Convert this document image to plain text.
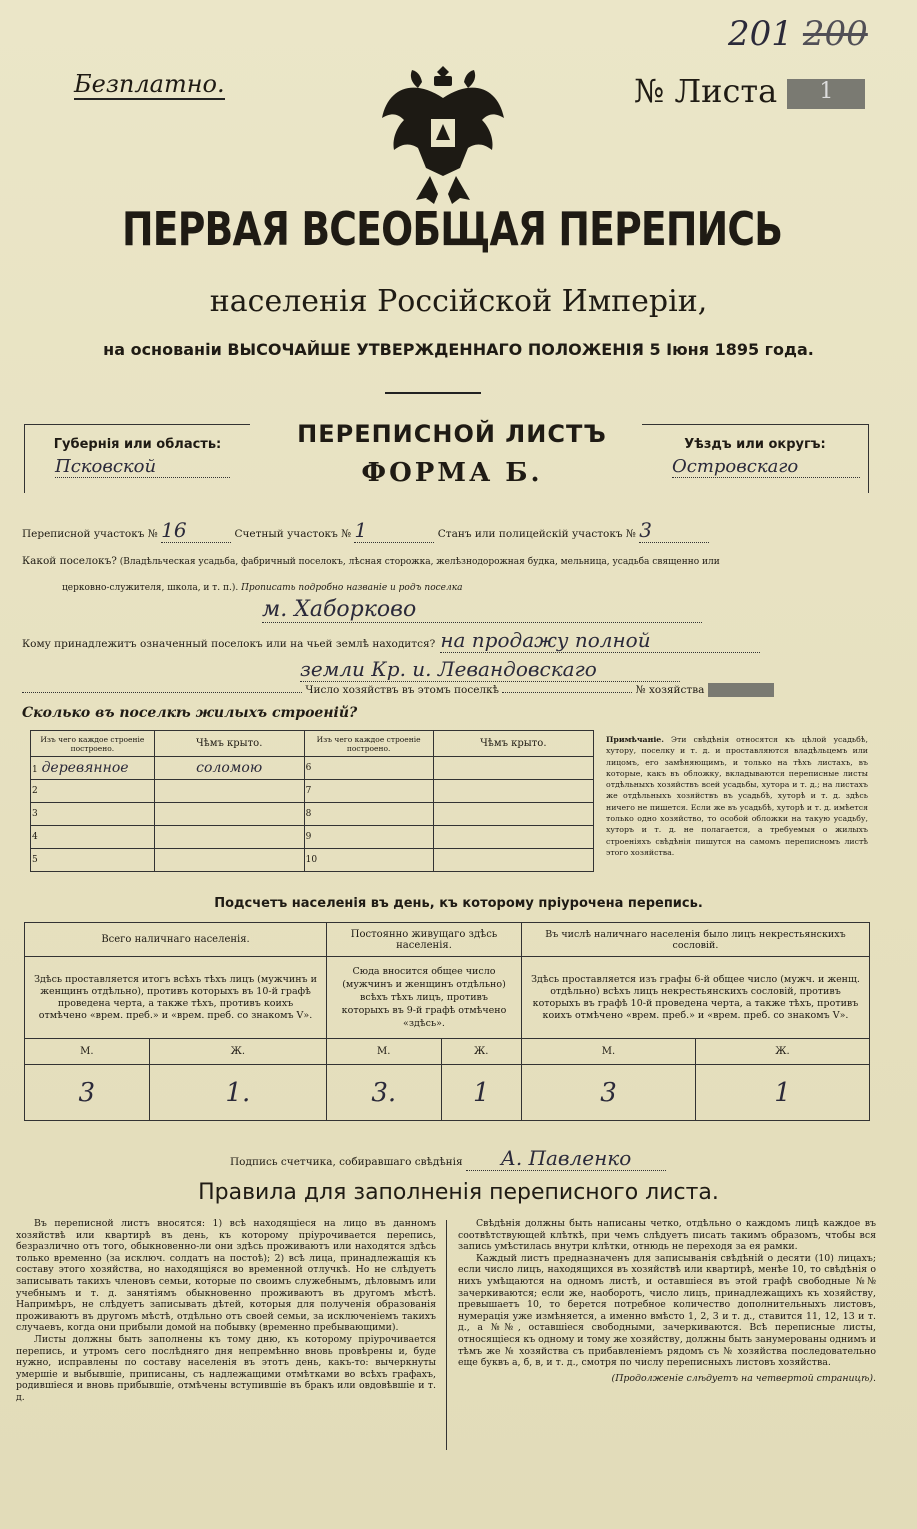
201 200
Безплатно.	№ Листа 1
ПЕРВАЯ ВСЕОБЩАЯ ПЕРЕПИСЬ
населенія Россійской Имперіи,
на основаніи ВЫСОЧАЙШЕ УТВЕРЖДЕННАГО ПОЛОЖЕНІЯ 5 Іюня 1895 года.
Губернія или область:
Псковской
ПЕРЕПИСНОЙ ЛИСТЪ
ФОРМА Б.
Уѣздъ или округъ:
Островскаго
Переписной участокъ № 16	Счетный участокъ № 1	Станъ или полицейскій участокъ № 3
Какой поселокъ? (Владѣльческая усадьба, фабричный поселокъ, лѣсная сторожка, желѣзнодорожная будка, мельница, усадьба священно или
церковно-служителя, школа, и т. п.). Прописать подробно названіе и родъ поселка
м. Хаборково
Кому принадлежитъ означенный поселокъ или на чьей землѣ находится? на продажу полной
земли Кр. и. Левандовскаго
Число хозяйствъ въ этомъ поселкѣ	№ хозяйства
Сколько въ поселкѣ жилыхъ строеній?
Изъ чего каждое строеніе построено.	Чѣмъ крыто.	Изъ чего каждое строеніе построено.	Чѣмъ крыто.
1 деревянное	соломою	6	
2		7	
3		8	
4		9	
5		10	
Примѣчаніе. Эти свѣдѣнія относятся къ цѣлой усадьбѣ, хутору, поселку и т. д. и проставляются владѣльцемъ или лицомъ, его замѣняющимъ, и только на тѣхъ листахъ, въ которые, какъ въ обложку, вкладываются переписные листы отдѣльныхъ хозяйствъ всей усадьбы, хутора и т. д.; на листахъ же отдѣльныхъ хозяйствъ въ усадьбѣ, хуторѣ и т. д. здѣсь ничего не пишется. Если же въ усадьбѣ, хуторѣ и т. д. имѣется только одно хозяйство, то особой обложки на такую усадьбу, хуторъ и т. д. не полагается, а требуемыя о жилыхъ строеніяхъ свѣдѣнія пишутся на самомъ переписномъ листѣ этого хозяйства.
Подсчетъ населенія въ день, къ которому пріурочена перепись.
Всего наличнаго населенія.		Постоянно живущаго здѣсь населенія.		Въ числѣ наличнаго населенія было лицъ некрестьянскихъ сословій.	
Здѣсь проставляется итогъ всѣхъ тѣхъ лицъ (мужчинъ и женщинъ отдѣльно), противъ которыхъ въ 10-й графѣ проведена черта, а также тѣхъ, противъ коихъ отмѣчено «врем. преб.» и «врем. преб. со знакомъ V».		Сюда вносится общее число (мужчинъ и женщинъ отдѣльно) всѣхъ тѣхъ лицъ, противъ которыхъ въ 9-й графѣ отмѣчено «здѣсь».		Здѣсь проставляется изъ графы 6-й общее число (мужч. и женщ. отдѣльно) всѣхъ лицъ некрестьянскихъ сословій, противъ которыхъ въ графѣ 10-й проведена черта, а также тѣхъ, противъ коихъ отмѣчено «врем. преб.» и «врем. преб. со знакомъ V».	
М.	Ж.	М.	Ж.	М.	Ж.
3	1.	3.	1	3	1
Подпись счетчика, собиравшаго свѣдѣнія А. Павленко
Правила для заполненія переписного листа.

Въ переписной листъ вносятся: 1) всѣ находящіеся на лицо въ данномъ хозяйствѣ или квартирѣ въ день, къ которому пріурочивается перепись, безразлично отъ того, обыкновенно-ли они здѣсь проживаютъ или находятся здѣсь только временно (за исключ. солдатъ на постоѣ); 2) всѣ лица, принадлежащія къ составу этого хозяйства, но находящіяся во временной отлучкѣ. Но не слѣдуетъ записывать такихъ членовъ семьи, которые по своимъ служебнымъ, дѣловымъ или учебнымъ и т. д. занятіямъ обыкновенно проживаютъ въ другомъ мѣстѣ. Напримѣръ, не слѣдуетъ записывать дѣтей, которыя для полученія образованія проживаютъ въ другомъ мѣстѣ, отдѣльно отъ своей семьи, за исключеніемъ такихъ случаевъ, когда они прибыли домой на побывку (временно пребывающими).

Листы должны быть заполнены къ тому дню, къ которому пріурочивается перепись, и утромъ сего послѣдняго дня непремѣнно вновь провѣрены и, буде нужно, исправлены по составу населенія въ этотъ день, какъ-то: вычеркнуты умершіе и выбывшіе, приписаны, съ надлежащими отмѣтками во всѣхъ графахъ, родившіеся и вновь прибывшіе, отмѣчены вступившіе въ бракъ или овдовѣвшіе и т. д.

Свѣдѣнія должны быть написаны четко, отдѣльно о каждомъ лицѣ каждое въ соотвѣтствующей клѣткѣ, при чемъ слѣдуетъ писать такимъ образомъ, чтобы вся запись умѣстилась внутри клѣтки, отнюдь не переходя за ея рамки.

Каждый листъ предназначенъ для записыванія свѣдѣній о десяти (10) лицахъ; если число лицъ, находящихся въ хозяйствѣ или квартирѣ, менѣе 10, то свѣдѣнія о нихъ умѣщаются на одномъ листѣ, и оставшіеся въ этой графѣ свободные №№ зачеркиваются; если же, наоборотъ, число лицъ, принадлежащихъ къ хозяйству, превышаетъ 10, то берется потребное количество дополнительныхъ листовъ, нумерація уже измѣняется, а именно вмѣсто 1, 2, 3 и т. д., ставится 11, 12, 13 и т. д., а №№, оставшіеся свободными, зачеркиваются. Всѣ переписные листы, относящіеся къ одному и тому же хозяйству, должны быть занумерованы однимъ и тѣмъ же № хозяйства съ прибавленіемъ рядомъ съ № хозяйства последовательно еще буквъ а, б, в, и т. д., смотря по числу переписныхъ листовъ хозяйства.

(Продолженіе слѣдуетъ на четвертой страницѣ).
